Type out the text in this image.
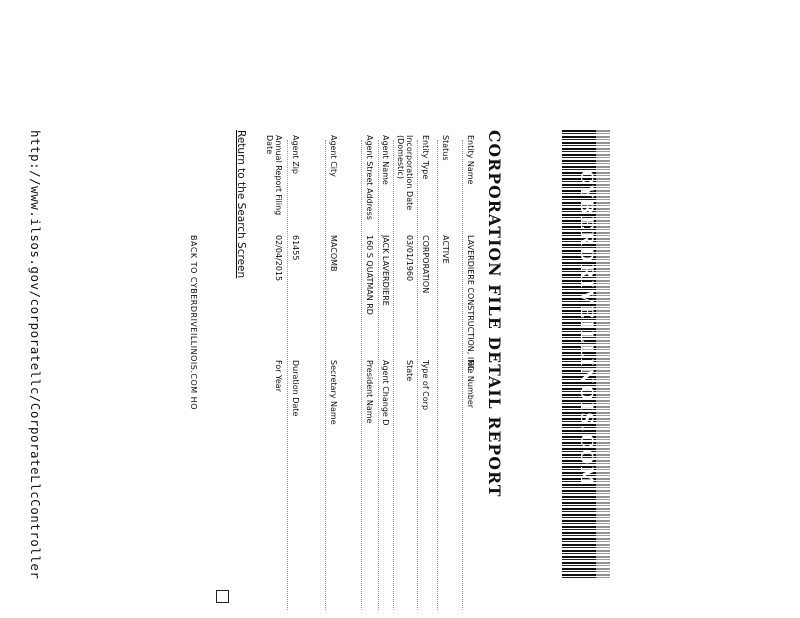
CYBERDRIVEILLINOIS.COM
CORPORATION FILE DETAIL REPORT
Entity Name
LAVERDIERE CONSTRUCTION, INC.
File Number
Status
ACTIVE
Entity Type
CORPORATION
Type of Corp
Incorporation Date (Domestic)
03/01/1960
State
Agent Name
JACK LAVERDIERE
Agent Change D
Agent Street Address
160 S QUATMAN RD
President Name
Agent City
MACOMB
Secretary Name
Agent Zip
61455
Duration Date
Annual Report Filing Date
02/04/2015
For Year
Return to the Search Screen
BACK TO CYBERDRIVEILLINOIS.COM HO
http://www.ilsos.gov/corporatellc/CorporateLlcController
